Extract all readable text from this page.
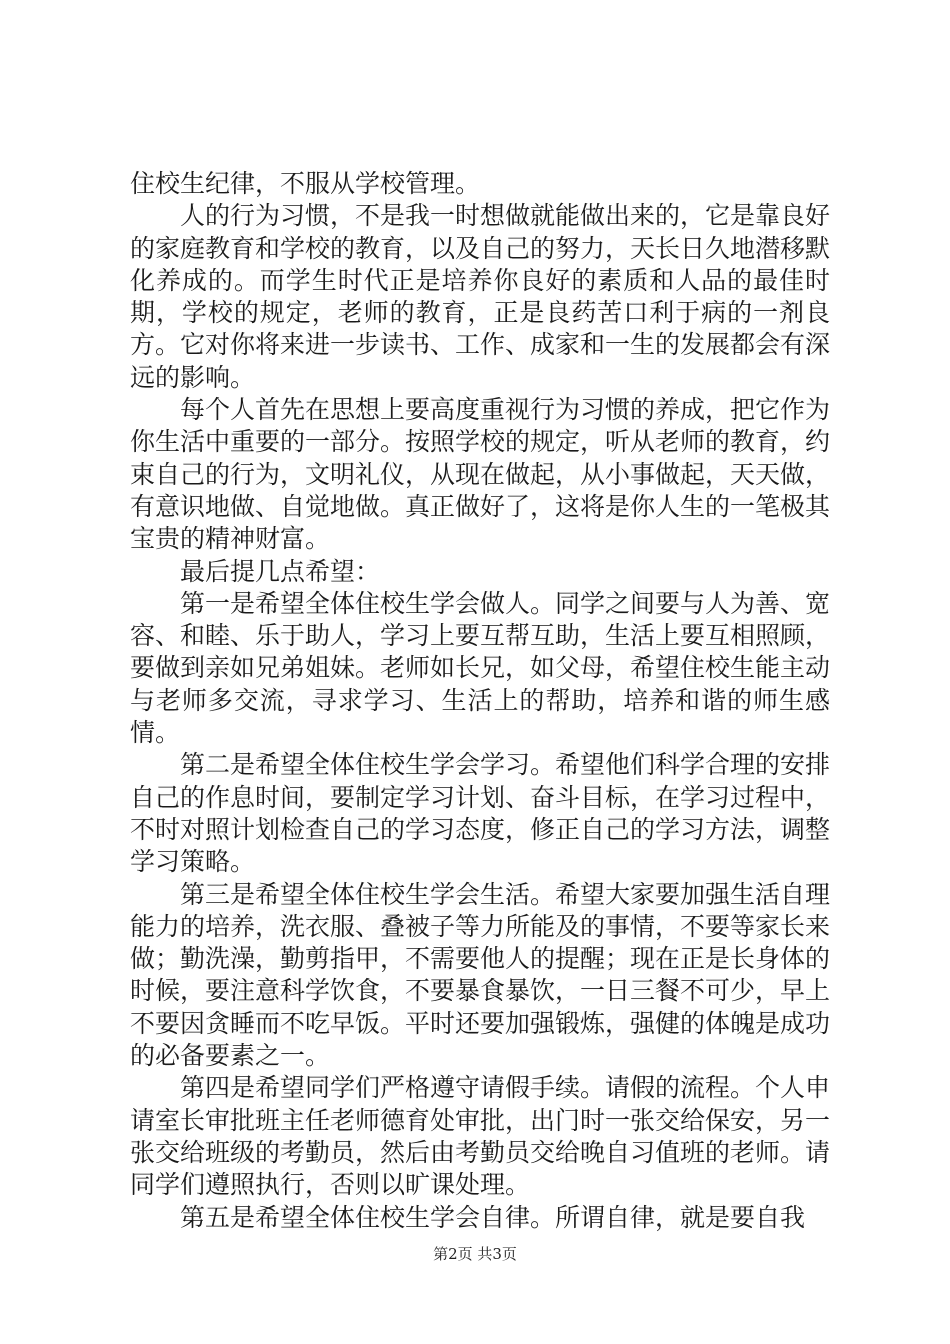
住校生纪律，不服从学校管理。

人的行为习惯，不是我一时想做就能做出来的，它是靠良好的家庭教育和学校的教育，以及自己的努力，天长日久地潜移默化养成的。而学生时代正是培养你良好的素质和人品的最佳时期，学校的规定，老师的教育，正是良药苦口利于病的一剂良方。它对你将来进一步读书、工作、成家和一生的发展都会有深远的影响。

每个人首先在思想上要高度重视行为习惯的养成，把它作为你生活中重要的一部分。按照学校的规定，听从老师的教育，约束自己的行为，文明礼仪，从现在做起，从小事做起，天天做，有意识地做、自觉地做。真正做好了，这将是你人生的一笔极其宝贵的精神财富。

最后提几点希望：

第一是希望全体住校生学会做人。同学之间要与人为善、宽容、和睦、乐于助人，学习上要互帮互助，生活上要互相照顾，要做到亲如兄弟姐妹。老师如长兄，如父母，希望住校生能主动与老师多交流，寻求学习、生活上的帮助，培养和谐的师生感情。

第二是希望全体住校生学会学习。希望他们科学合理的安排自己的作息时间，要制定学习计划、奋斗目标，在学习过程中，不时对照计划检查自己的学习态度，修正自己的学习方法，调整学习策略。

第三是希望全体住校生学会生活。希望大家要加强生活自理能力的培养，洗衣服、叠被子等力所能及的事情，不要等家长来做；勤洗澡，勤剪指甲，不需要他人的提醒；现在正是长身体的时候，要注意科学饮食，不要暴食暴饮，一日三餐不可少，早上不要因贪睡而不吃早饭。平时还要加强锻炼，强健的体魄是成功的必备要素之一。

第四是希望同学们严格遵守请假手续。请假的流程。个人申请室长审批班主任老师德育处审批，出门时一张交给保安，另一张交给班级的考勤员，然后由考勤员交给晚自习值班的老师。请同学们遵照执行，否则以旷课处理。

第五是希望全体住校生学会自律。所谓自律，就是要自我

第2页 共3页
